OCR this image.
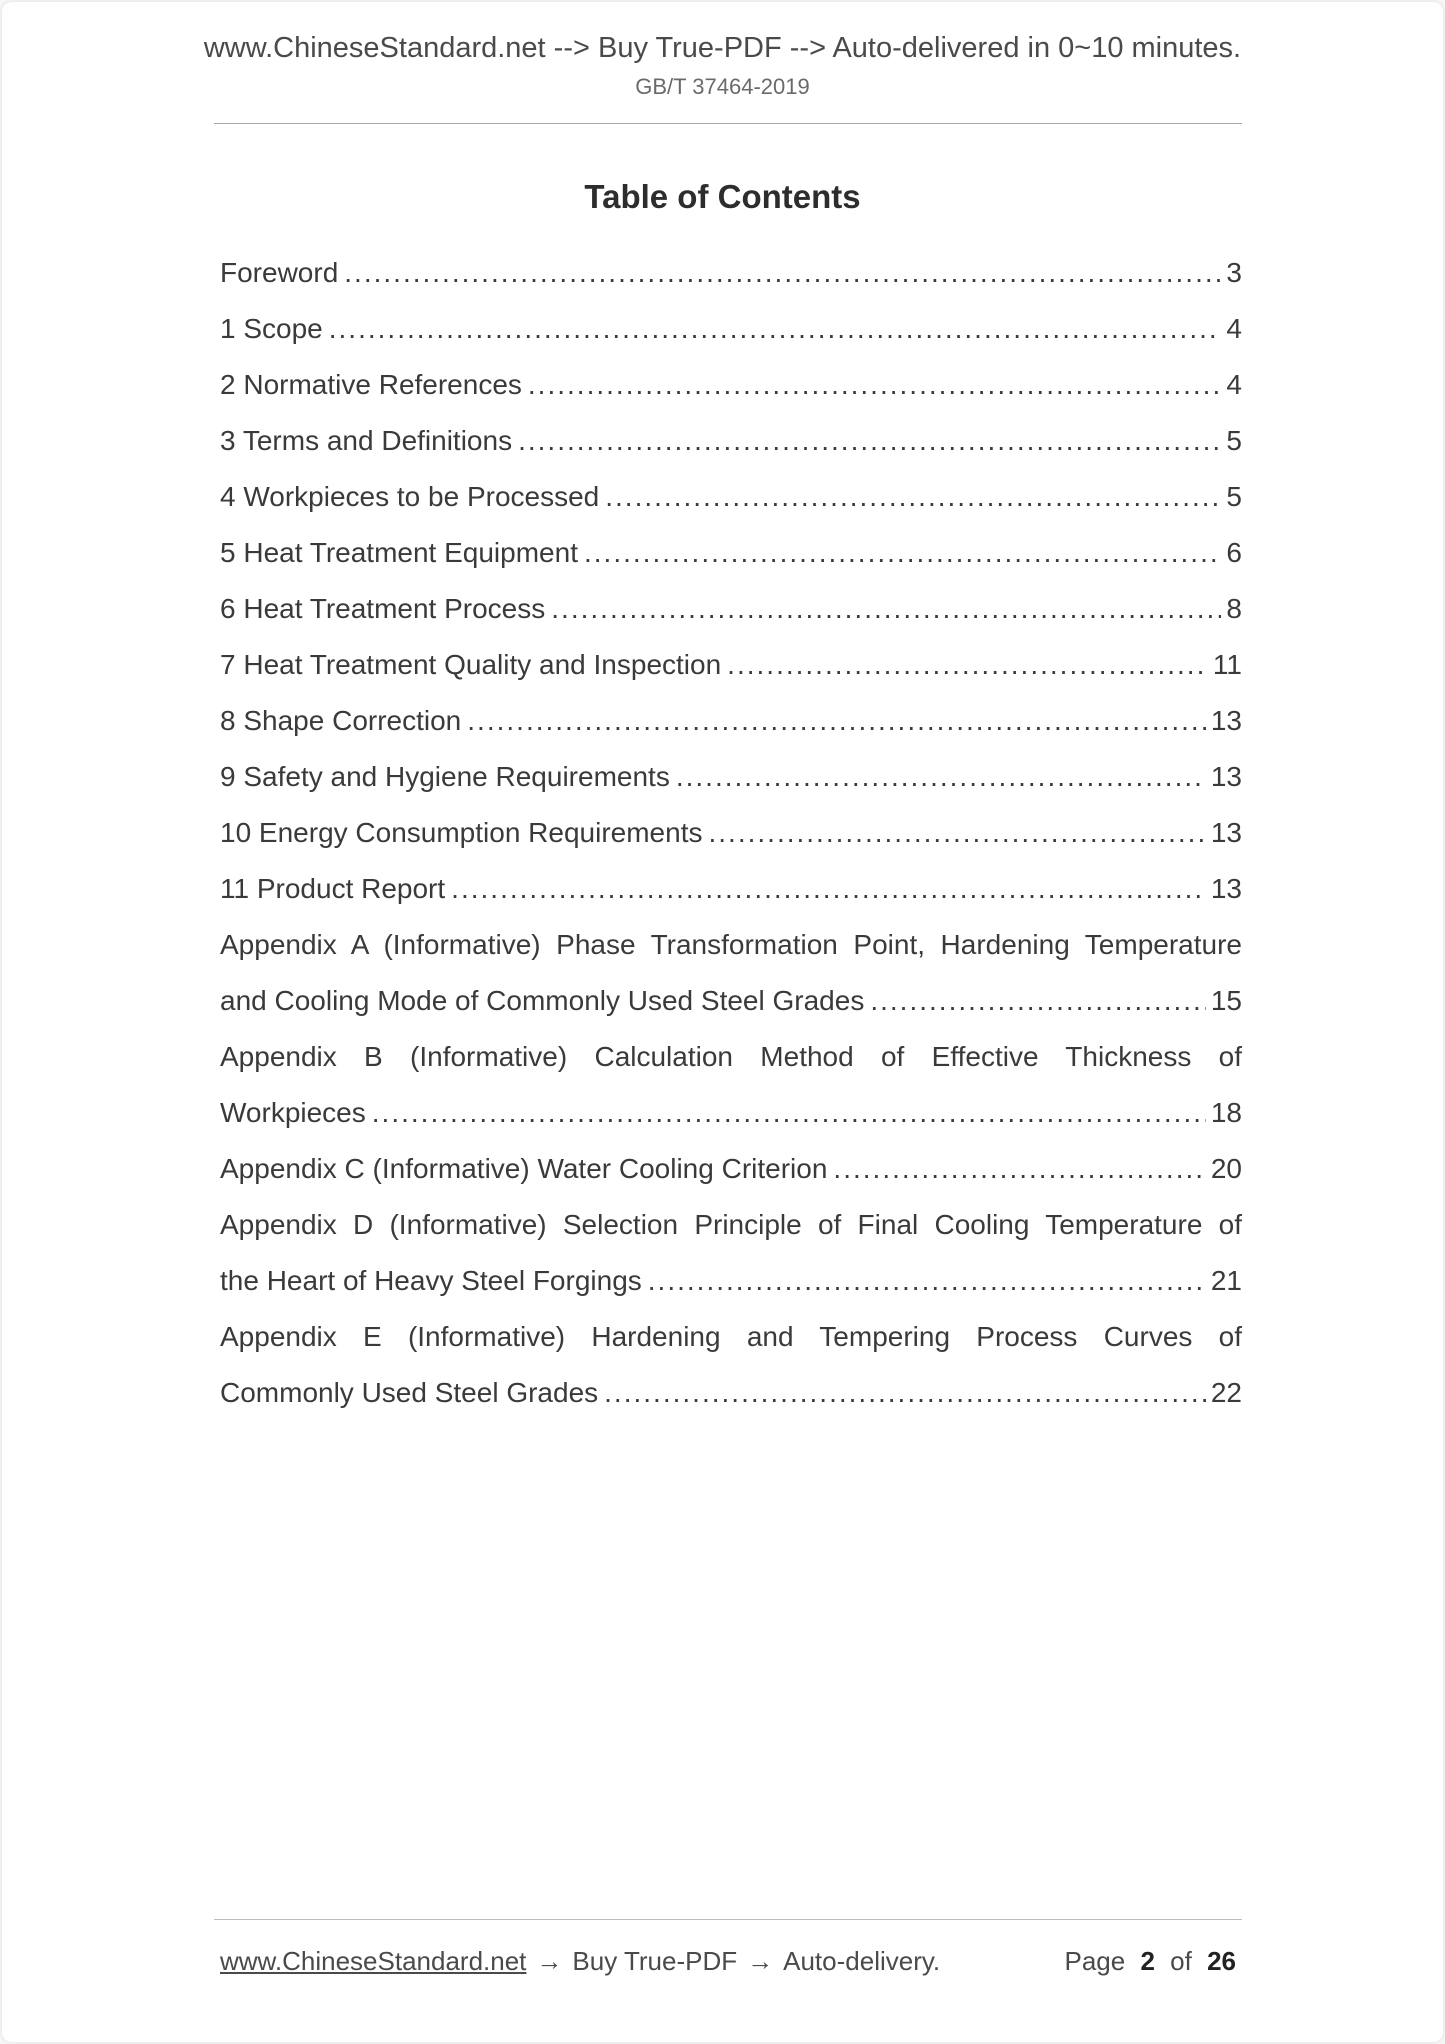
www.ChineseStandard.net --> Buy True-PDF --> Auto-delivered in 0~10 minutes.
GB/T 37464-2019
Table of Contents
Foreword .....	3
1 Scope .....	4
2 Normative References .....	4
3 Terms and Definitions .....	5
4 Workpieces to be Processed .....	5
5 Heat Treatment Equipment .....	6
6 Heat Treatment Process .....	8
7 Heat Treatment Quality and Inspection .....	11
8 Shape Correction .....	13
9 Safety and Hygiene Requirements .....	13
10 Energy Consumption Requirements .....	13
11 Product Report .....	13
Appendix A (Informative) Phase Transformation Point, Hardening Temperature
and Cooling Mode of Commonly Used Steel Grades .....	15
Appendix B (Informative) Calculation Method of Effective Thickness of
Workpieces .....	18
Appendix C (Informative) Water Cooling Criterion .....	20
Appendix D (Informative) Selection Principle of Final Cooling Temperature of
the Heart of Heavy Steel Forgings .....	21
Appendix E (Informative) Hardening and Tempering Process Curves of
Commonly Used Steel Grades .....	22
www.ChineseStandard.net → Buy True-PDF → Auto-delivery.	Page 2 of 26
